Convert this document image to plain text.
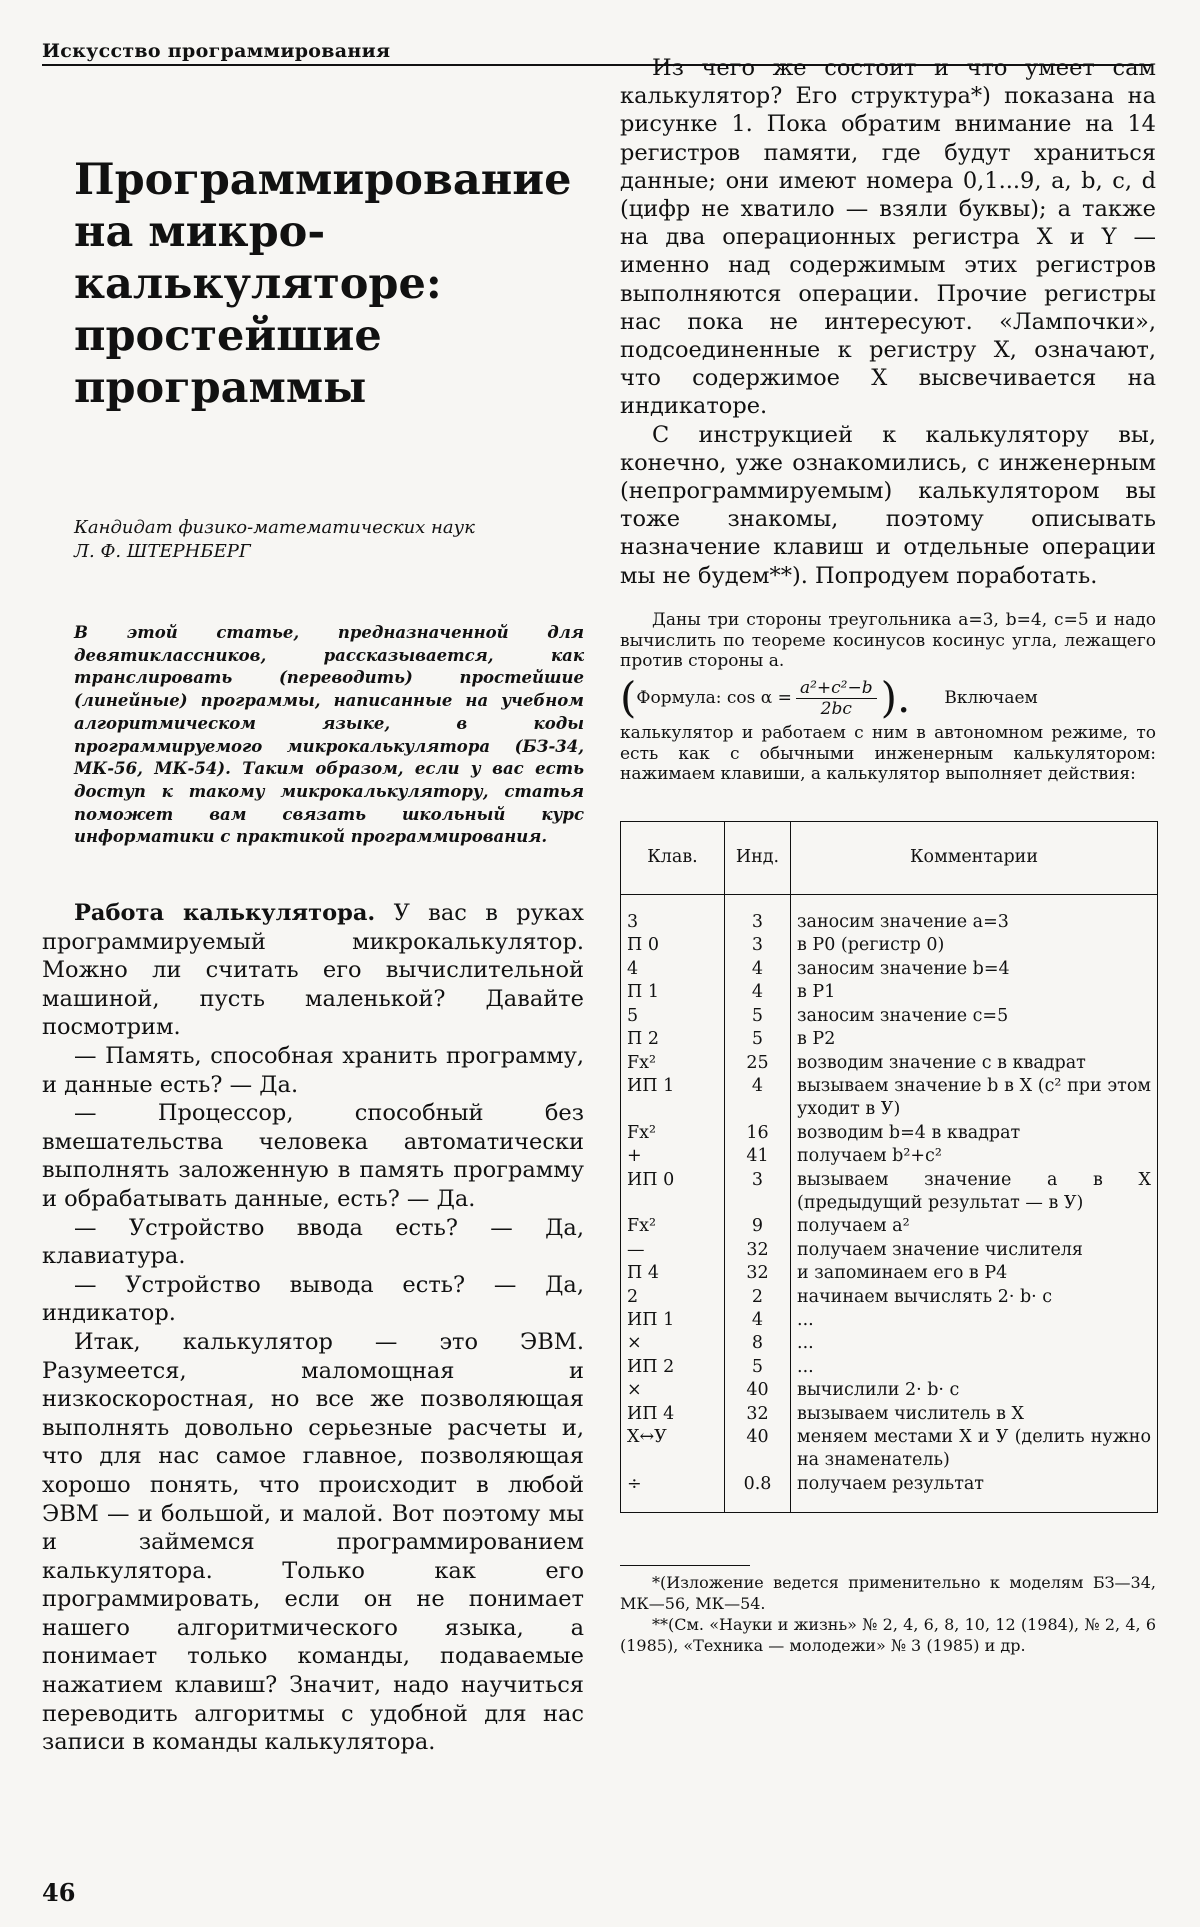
Искусство программирования
Программирование
на микро-
калькуляторе:
простейшие
программы
Кандидат физико-математических наук
Л. Ф. ШТЕРНБЕРГ
В этой статье, предназначенной для девятиклассников, рассказывается, как транслировать (переводить) простейшие (линейные) программы, написанные на учебном алгоритмическом языке, в коды программируемого микрокалькулятора (БЗ-34, МК-56, МК-54). Таким образом, если у вас есть доступ к такому микрокалькулятору, статья поможет вам связать школьный курс информатики с практикой программирования.

Работа калькулятора. У вас в руках программируемый микрокалькулятор. Можно ли считать его вычислительной машиной, пусть маленькой? Давайте посмотрим.

— Память, способная хранить программу, и данные есть? — Да.

— Процессор, способный без вмешательства человека автоматически выполнять заложенную в память программу и обрабатывать данные, есть? — Да.

— Устройство ввода есть? — Да, клавиатура.

— Устройство вывода есть? — Да, индикатор.

Итак, калькулятор — это ЭВМ. Разумеется, маломощная и низкоскоростная, но все же позволяющая выполнять довольно серьезные расчеты и, что для нас самое главное, позволяющая хорошо понять, что происходит в любой ЭВМ — и большой, и малой. Вот поэтому мы и займемся программированием калькулятора. Только как его программировать, если он не понимает нашего алгоритмического языка, а понимает только команды, подаваемые нажатием клавиш? Значит, надо научиться переводить алгоритмы с удобной для нас записи в команды калькулятора.

Из чего же состоит и что умеет сам калькулятор? Его структура*) показана на рисунке 1. Пока обратим внимание на 14 регистров памяти, где будут храниться данные; они имеют номера 0,1...9, a, b, c, d (цифр не хватило — взяли буквы); а также на два операционных регистра X и Y — именно над содержимым этих регистров выполняются операции. Прочие регистры нас пока не интересуют. «Лампочки», подсоединенные к регистру X, означают, что содержимое X высвечивается на индикаторе.

С инструкцией к калькулятору вы, конечно, уже ознакомились, с инженерным (непрограммируемым) калькулятором вы тоже знакомы, поэтому описывать назначение клавиш и отдельные операции мы не будем**). Попродуем поработать.

Даны три стороны треугольника a=3, b=4, c=5 и надо вычислить по теореме косинусов косинус угла, лежащего против стороны a.

( Формула: $\cos \alpha = \frac{\text{a²+c²−b}}{2bc}$ ). Включаем

калькулятор и работаем с ним в автономном режиме, то есть как с обычными инженерным калькулятором: нажимаем клавиши, а калькулятор выполняет действия:

Клав.	Инд.	Комментарии

3	3	заносим значение a=3
П 0	3	в Р0 (регистр 0)
4	4	заносим значение b=4
П 1	4	в Р1
5	5	заносим значение c=5
П 2	5	в Р2
Fx²	25	возводим значение c в квадрат
ИП 1	4	вызываем значение b в X (c² при этом уходит в У)
Fx²	16	возводим b=4 в квадрат
+	41	получаем b²+c²
ИП 0	3	вызываем значение a в X (предыдущий результат — в У)
Fx²	9	получаем a²
—	32	получаем значение числителя
П 4	32	и запоминаем его в Р4
2	2	начинаем вычислять 2· b· c
ИП 1	4	...
×	8	...
ИП 2	5	...
×	40	вычислили 2· b· c
ИП 4	32	вызываем числитель в X
X↔У	40	меняем местами X и У (делить нужно на знаменатель)
÷	0.8	получаем результат

*(Изложение ведется применительно к моделям БЗ—34, МК—56, МК—54.

**(См. «Науки и жизнь» № 2, 4, 6, 8, 10, 12 (1984), № 2, 4, 6 (1985), «Техника — молодежи» № 3 (1985) и др.

46
